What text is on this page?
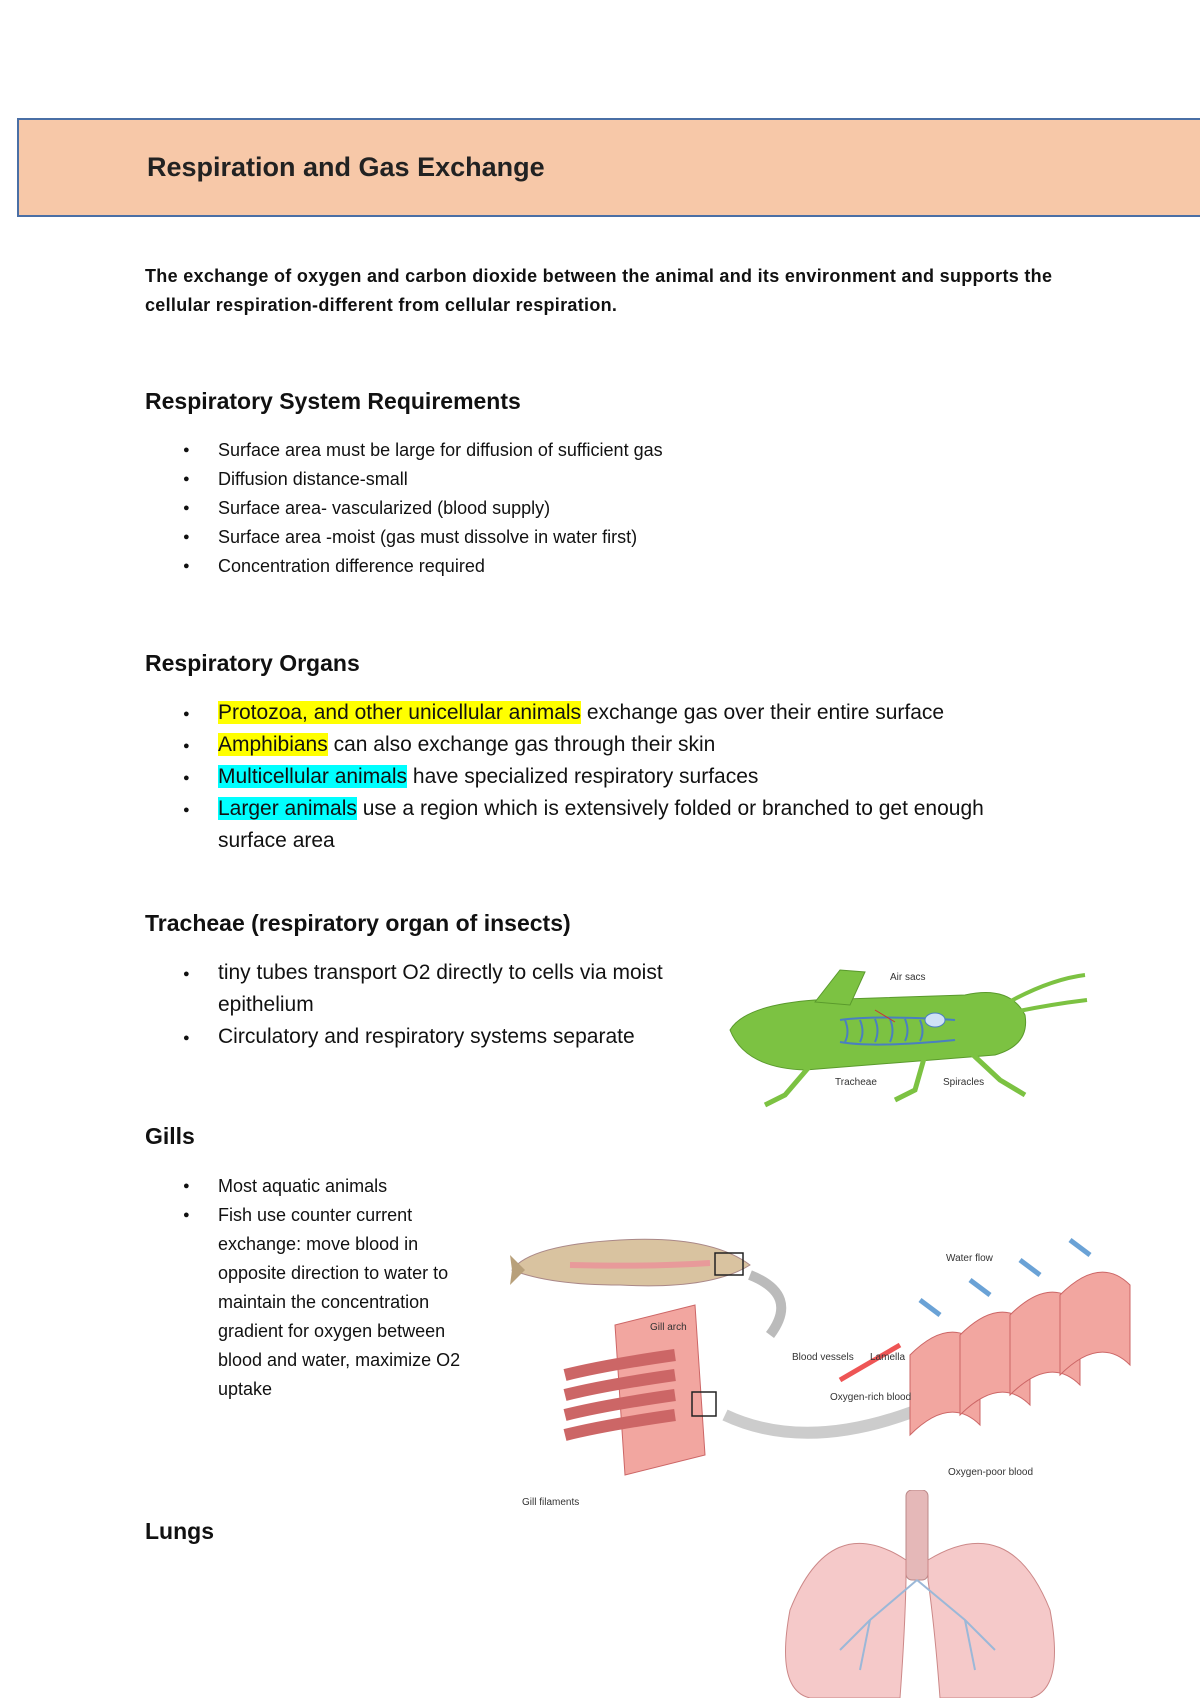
Respiration and Gas Exchange
The exchange of oxygen and carbon dioxide between the animal and its environment and supports the cellular respiration-different from cellular respiration.
Respiratory System Requirements
● Surface area must be large for diffusion of sufficient gas
● Diffusion distance-small
● Surface area- vascularized (blood supply)
● Surface area -moist (gas must dissolve in water first)
● Concentration difference required
Respiratory Organs
● Protozoa, and other unicellular animals exchange gas over their entire surface
● Amphibians can also exchange gas through their skin
● Multicellular animals have specialized respiratory surfaces
● Larger animals use a region which is extensively folded or branched to get enough surface area
Tracheae (respiratory organ of insects)
● tiny tubes transport O2 directly to cells via moist epithelium
● Circulatory and respiratory systems separate
Air sacs
Tracheae	Spiracles
Gills
● Most aquatic animals
● Fish use counter current exchange: move blood in opposite direction to water to maintain the concentration gradient for oxygen between blood and water, maximize O2 uptake
Gill arch
Blood vessels
Gill filaments
Water flow
Lamella
Oxygen-rich blood
Oxygen-poor blood
Lungs
